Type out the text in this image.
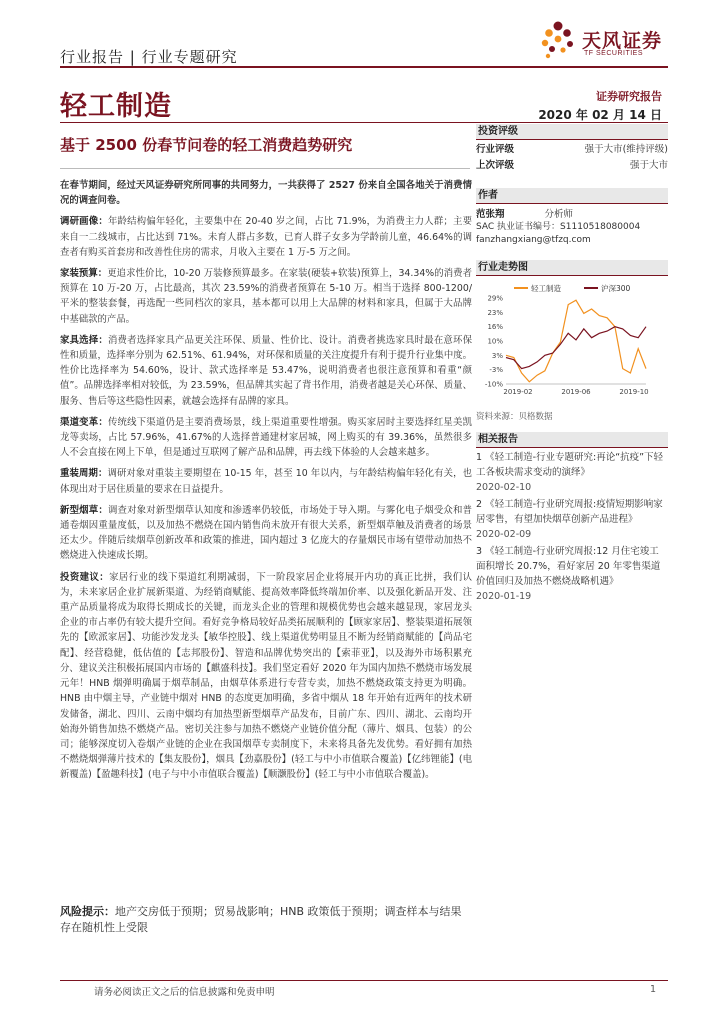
行业报告 | 行业专题研究
天风证券
TF SECURITIES
轻工制造	证券研究报告
2020 年 02 月 14 日
基于 2500 份春节问卷的轻工消费趋势研究

在春节期间，经过天风证券研究所同事的共同努力，一共获得了 2527 份来自全国各地关于消费情况的调查问卷。

调研画像：年龄结构偏年轻化，主要集中在 20-40 岁之间，占比 71.9%，为消费主力人群；主要来自一二线城市，占比达到 71%。未育人群占多数，已育人群子女多为学龄前儿童，46.64%的调查者有购买首套房和改善性住房的需求，月收入主要在 1 万-5 万之间。

家装预算：更追求性价比，10-20 万装修预算最多。在家装(硬装+软装)预算上，34.34%的消费者预算在 10 万-20 万，占比最高，其次 23.59%的消费者预算在 5-10 万。相当于选择 800-1200/平米的整装套餐，再选配一些同档次的家具，基本都可以用上大品牌的材料和家具，但属于大品牌中基础款的产品。

家具选择：消费者选择家具产品更关注环保、质量、性价比、设计。消费者挑选家具时最在意环保性和质量，选择率分别为 62.51%、61.94%，对环保和质量的关注度提升有利于提升行业集中度。性价比选择率为 54.60%，设计、款式选择率是 53.47%，说明消费者也很注意预算和看重“颜值”。品牌选择率相对较低，为 23.59%，但品牌其实起了背书作用，消费者越是关心环保、质量、服务、售后等这些隐性因素，就越会选择有品牌的家具。

渠道变革：传统线下渠道仍是主要消费场景，线上渠道重要性增强。购买家居时主要选择红星美凯龙等卖场，占比 57.96%，41.67%的人选择普通建材家居城，网上购买的有 39.36%，虽然很多人不会直接在网上下单，但是通过互联网了解产品和品牌，再去线下体验的人会越来越多。

重装周期：调研对象对重装主要期望在 10-15 年，甚至 10 年以内，与年龄结构偏年轻化有关，也体现出对于居住质量的要求在日益提升。

新型烟草：调查对象对新型烟草认知度和渗透率仍较低，市场处于导入期。与雾化电子烟受众和普通卷烟因重量度低，以及加热不燃烧在国内销售尚未放开有很大关系，新型烟草触及消费者的场景还太少。伴随后续烟草创新改革和政策的推进，国内超过 3 亿庞大的存量烟民市场有望带动加热不燃烧进入快速成长期。

投资建议：家居行业的线下渠道红利期减弱，下一阶段家居企业将展开内功的真正比拼，我们认为，未来家居企业扩展新渠道、为经销商赋能、提高效率降低终端加价率、以及强化新品开发、注重产品质量将成为取得长期成长的关键，而龙头企业的管理和规模优势也会越来越显现，家居龙头企业的市占率仍有较大提升空间。看好竞争格局较好品类拓展顺利的【顾家家居】、整装渠道拓展领先的【欧派家居】、功能沙发龙头【敏华控股】、线上渠道优势明显且不断为经销商赋能的【尚品宅配】、经营稳健，低估值的【志邦股份】、智造和品牌优势突出的【索菲亚】，以及海外市场积累充分、建议关注积极拓展国内市场的【麒盛科技】。我们坚定看好 2020 年为国内加热不燃烧市场发展元年！HNB 烟弹明确属于烟草制品，由烟草体系进行专营专卖，加热不燃烧政策支持更为明确。HNB 由中烟主导，产业链中烟对 HNB 的态度更加明确，多省中烟从 18 年开始有近两年的技术研发储备，湖北、四川、云南中烟均有加热型新型烟草产品发布，目前广东、四川、湖北、云南均开始海外销售加热不燃烧产品。密切关注参与加热不燃烧产业链价值分配（薄片、烟具、包装）的公司；能够深度切入卷烟产业链的企业在我国烟草专卖制度下，未来将具备先发优势。看好拥有加热不燃烧烟弹薄片技术的【集友股份】，烟具【劲嘉股份】(轻工与中小市值联合覆盖)【亿纬锂能】(电新覆盖)【盈趣科技】(电子与中小市值联合覆盖)【顺灏股份】(轻工与中小市值联合覆盖)。

风险提示：地产交房低于预期；贸易战影响；HNB 政策低于预期；调查样本与结果存在随机性上受限
投资评级
行业评级	强于大市(维持评级)
上次评级	强于大市
作者
范张翔	分析师
SAC 执业证书编号：S1110518080004
fanzhangxiang@tfzq.com
行业走势图
轻工制造	沪深300
29%
23%
16%
10%
3%
-3%
-10%
2019-02	2019-06	2019-10
资料来源：贝格数据
相关报告
1 《轻工制造-行业专题研究:再论“抗疫”下轻工各板块需求变动的演绎》
2020-02-10
2 《轻工制造-行业研究周报:疫情短期影响家居零售，有望加快烟草创新产品进程》
2020-02-09
3 《轻工制造-行业研究周报:12 月住宅竣工面积增长 20.7%，看好家居 20 年零售渠道价值回归及加热不燃烧战略机遇》
2020-01-19
请务必阅读正文之后的信息披露和免责申明	1
